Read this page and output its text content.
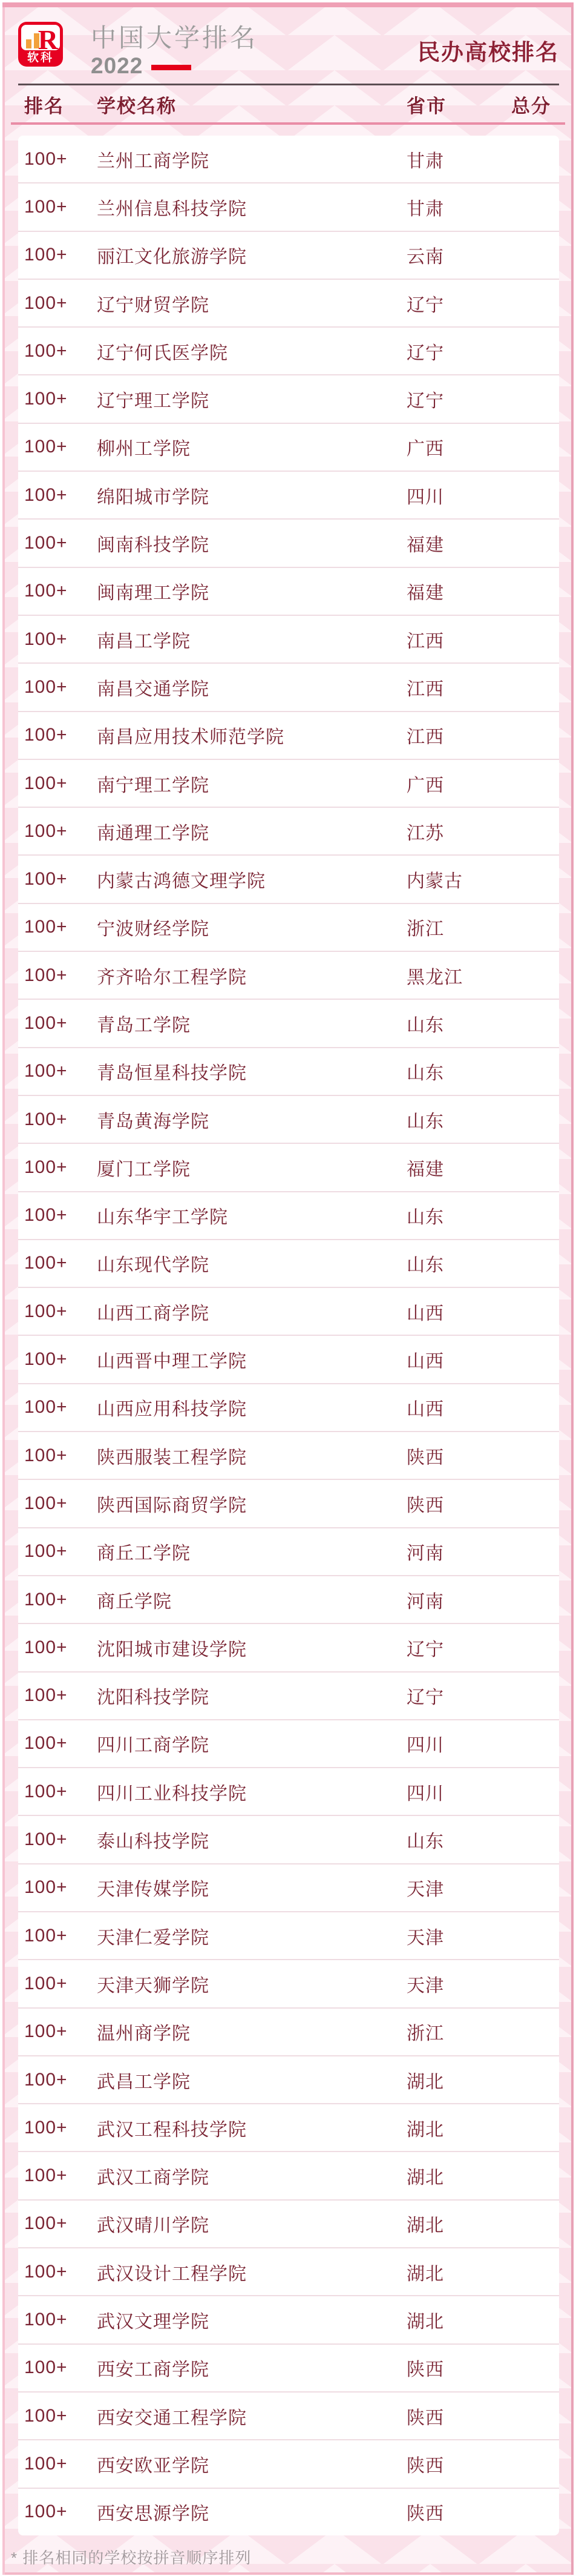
R
软科
中国大学排名
2022
民办高校排名
排名	学校名称	省市	总分
100+	兰州工商学院	甘肃
100+	兰州信息科技学院	甘肃
100+	丽江文化旅游学院	云南
100+	辽宁财贸学院	辽宁
100+	辽宁何氏医学院	辽宁
100+	辽宁理工学院	辽宁
100+	柳州工学院	广西
100+	绵阳城市学院	四川
100+	闽南科技学院	福建
100+	闽南理工学院	福建
100+	南昌工学院	江西
100+	南昌交通学院	江西
100+	南昌应用技术师范学院	江西
100+	南宁理工学院	广西
100+	南通理工学院	江苏
100+	内蒙古鸿德文理学院	内蒙古
100+	宁波财经学院	浙江
100+	齐齐哈尔工程学院	黑龙江
100+	青岛工学院	山东
100+	青岛恒星科技学院	山东
100+	青岛黄海学院	山东
100+	厦门工学院	福建
100+	山东华宇工学院	山东
100+	山东现代学院	山东
100+	山西工商学院	山西
100+	山西晋中理工学院	山西
100+	山西应用科技学院	山西
100+	陕西服装工程学院	陕西
100+	陕西国际商贸学院	陕西
100+	商丘工学院	河南
100+	商丘学院	河南
100+	沈阳城市建设学院	辽宁
100+	沈阳科技学院	辽宁
100+	四川工商学院	四川
100+	四川工业科技学院	四川
100+	泰山科技学院	山东
100+	天津传媒学院	天津
100+	天津仁爱学院	天津
100+	天津天狮学院	天津
100+	温州商学院	浙江
100+	武昌工学院	湖北
100+	武汉工程科技学院	湖北
100+	武汉工商学院	湖北
100+	武汉晴川学院	湖北
100+	武汉设计工程学院	湖北
100+	武汉文理学院	湖北
100+	西安工商学院	陕西
100+	西安交通工程学院	陕西
100+	西安欧亚学院	陕西
100+	西安思源学院	陕西
* 排名相同的学校按拼音顺序排列
